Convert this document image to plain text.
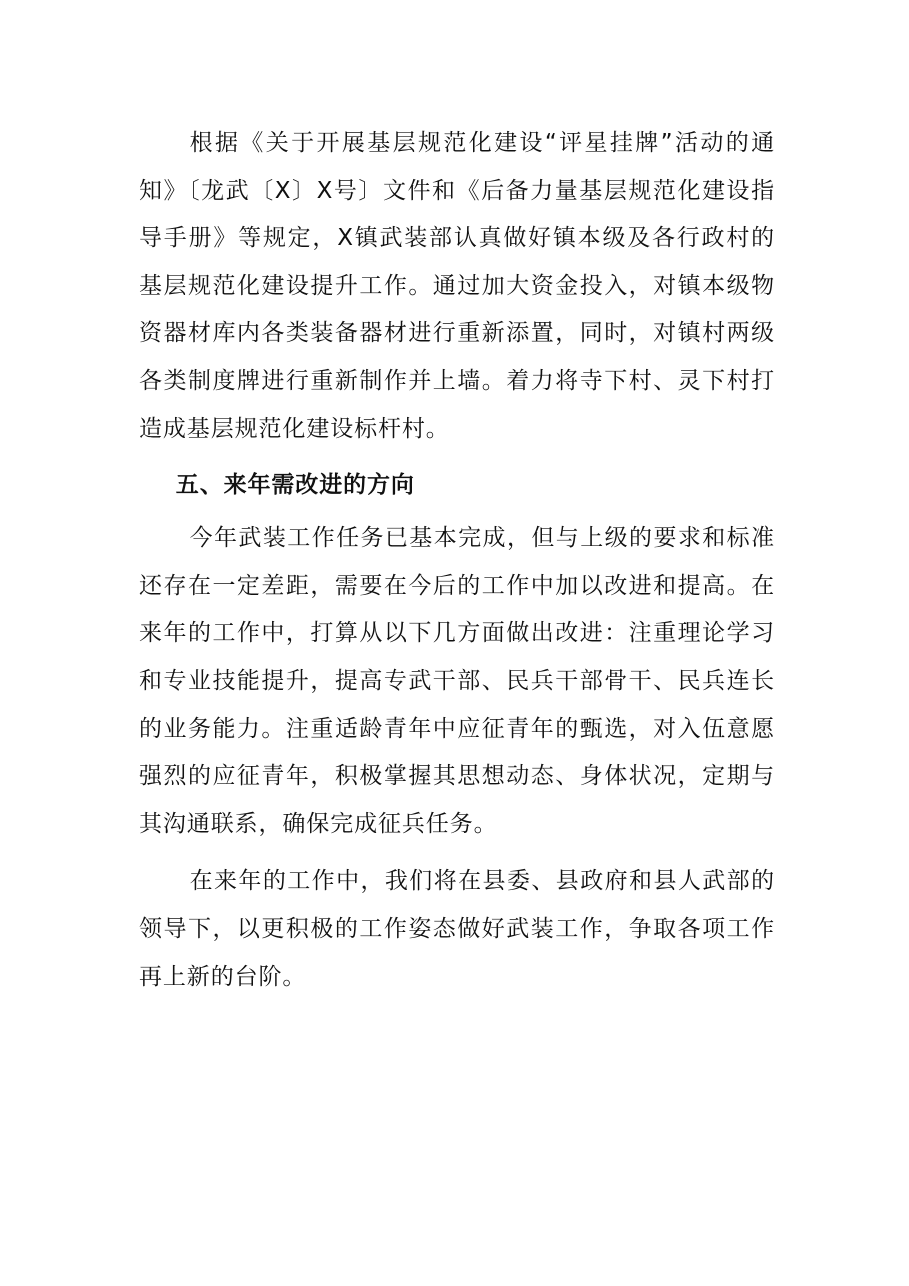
根据《关于开展基层规范化建设“评星挂牌”活动的通知》〔龙武〔X〕X号〕文件和《后备力量基层规范化建设指导手册》等规定，X镇武装部认真做好镇本级及各行政村的基层规范化建设提升工作。通过加大资金投入，对镇本级物资器材库内各类装备器材进行重新添置，同时，对镇村两级各类制度牌进行重新制作并上墙。着力将寺下村、灵下村打造成基层规范化建设标杆村。

五、来年需改进的方向

今年武装工作任务已基本完成，但与上级的要求和标准还存在一定差距，需要在今后的工作中加以改进和提高。在来年的工作中，打算从以下几方面做出改进：注重理论学习和专业技能提升，提高专武干部、民兵干部骨干、民兵连长的业务能力。注重适龄青年中应征青年的甄选，对入伍意愿强烈的应征青年，积极掌握其思想动态、身体状况，定期与其沟通联系，确保完成征兵任务。

在来年的工作中，我们将在县委、县政府和县人武部的领导下，以更积极的工作姿态做好武装工作，争取各项工作再上新的台阶。
